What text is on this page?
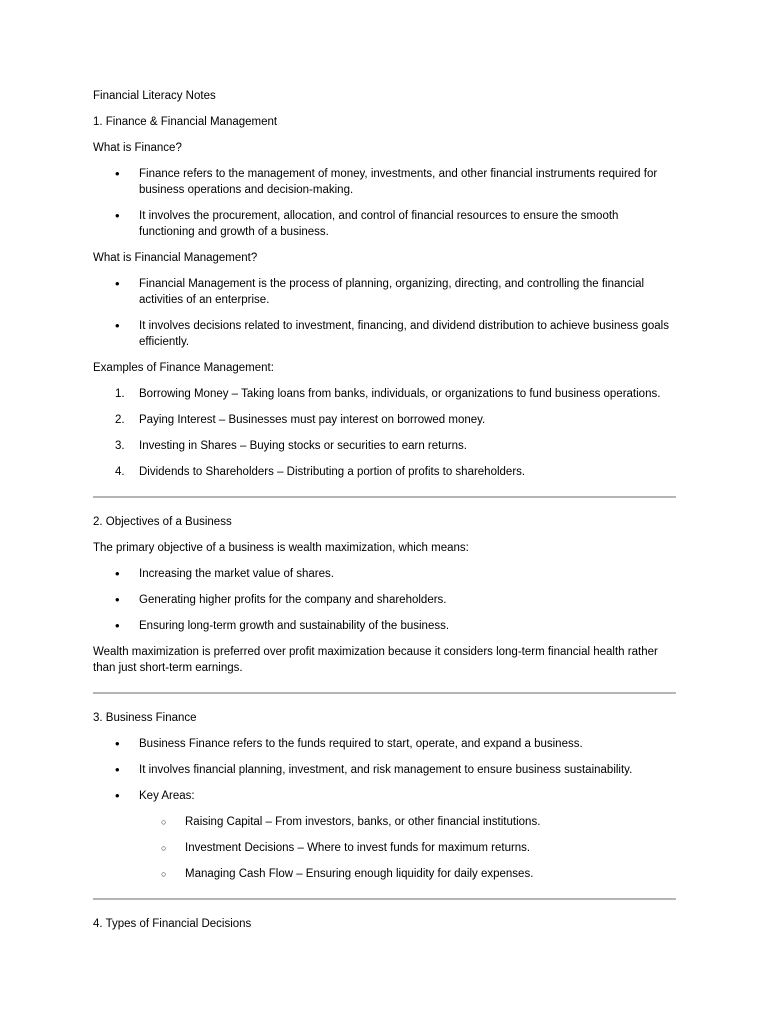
Financial Literacy Notes

1. Finance & Financial Management

What is Finance?

• Finance refers to the management of money, investments, and other financial instruments required for business operations and decision-making.
• It involves the procurement, allocation, and control of financial resources to ensure the smooth functioning and growth of a business.

What is Financial Management?

• Financial Management is the process of planning, organizing, directing, and controlling the financial activities of an enterprise.
• It involves decisions related to investment, financing, and dividend distribution to achieve business goals efficiently.

Examples of Finance Management:

1. Borrowing Money – Taking loans from banks, individuals, or organizations to fund business operations.
2. Paying Interest – Businesses must pay interest on borrowed money.
3. Investing in Shares – Buying stocks or securities to earn returns.
4. Dividends to Shareholders – Distributing a portion of profits to shareholders.

2. Objectives of a Business

The primary objective of a business is wealth maximization, which means:

• Increasing the market value of shares.
• Generating higher profits for the company and shareholders.
• Ensuring long-term growth and sustainability of the business.

Wealth maximization is preferred over profit maximization because it considers long-term financial health rather than just short-term earnings.

3. Business Finance

• Business Finance refers to the funds required to start, operate, and expand a business.
• It involves financial planning, investment, and risk management to ensure business sustainability.
• Key Areas:
○ Raising Capital – From investors, banks, or other financial institutions.
○ Investment Decisions – Where to invest funds for maximum returns.
○ Managing Cash Flow – Ensuring enough liquidity for daily expenses.

4. Types of Financial Decisions
